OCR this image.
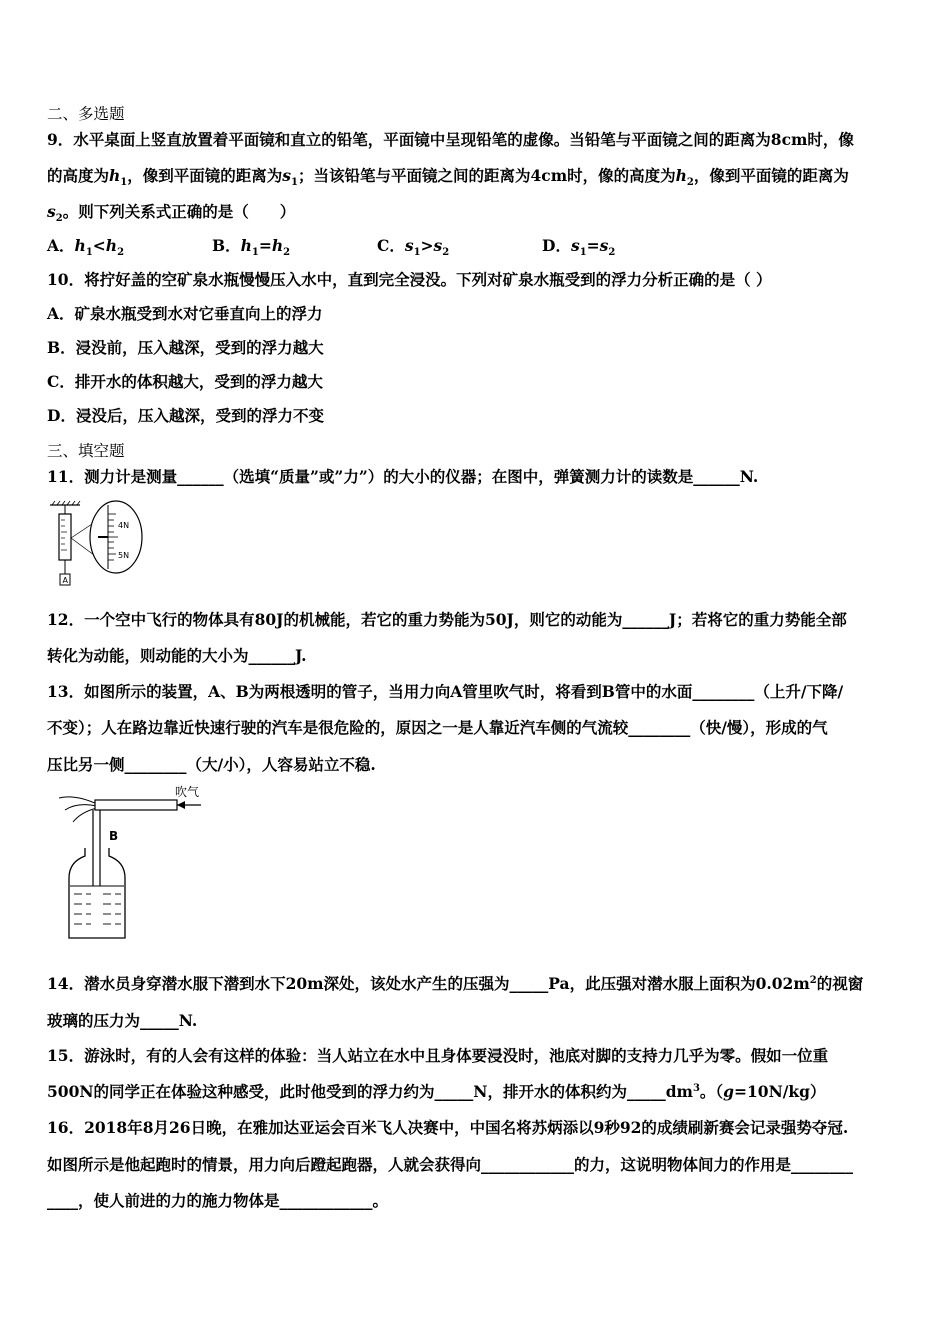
二、多选题
9．水平桌面上竖直放置着平面镜和直立的铅笔，平面镜中呈现铅笔的虚像。当铅笔与平面镜之间的距离为8cm时，像
的高度为$h_1$，像到平面镜的距离为$s_1$；当该铅笔与平面镜之间的距离为4cm时，像的高度为$h_2$，像到平面镜的距离为
$s_2$。则下列关系式正确的是（　　）
A．$h_1<h_2$	B．$h_1=h_2$	C．$s_1>s_2$	D．$s_1=s_2$
10．将拧好盖的空矿泉水瓶慢慢压入水中，直到完全浸没。下列对矿泉水瓶受到的浮力分析正确的是（ ）
A．矿泉水瓶受到水对它垂直向上的浮力
B．浸没前，压入越深，受到的浮力越大
C．排开水的体积越大，受到的浮力越大
D．浸没后，压入越深，受到的浮力不变
三、填空题
11．测力计是测量______（选填“质量”或”力”）的大小的仪器；在图中，弹簧测力计的读数是______N.
A
4N
5N
12．一个空中飞行的物体具有80J的机械能，若它的重力势能为50J，则它的动能为______J；若将它的重力势能全部
转化为动能，则动能的大小为______J.
13．如图所示的装置，A、B为两根透明的管子，当用力向A管里吹气时，将看到B管中的水面________（上升/下降/
不变）；人在路边靠近快速行驶的汽车是很危险的，原因之一是人靠近汽车侧的气流较________（快/慢），形成的气
压比另一侧________（大/小），人容易站立不稳.
吹气
B
14．潜水员身穿潜水服下潜到水下20m深处，该处水产生的压强为_____Pa，此压强对潜水服上面积为$0.02m^2$的视窗
玻璃的压力为_____N.
15．游泳时，有的人会有这样的体验：当人站立在水中且身体要浸没时，池底对脚的支持力几乎为零。假如一位重
500N的同学正在体验这种感受，此时他受到的浮力约为_____N，排开水的体积约为$\_\_\_\_\_dm^3$。（g=10N/kg）
16．2018年8月26日晚，在雅加达亚运会百米飞人决赛中，中国名将苏炳添以9秒92的成绩刷新赛会记录强势夺冠.
如图所示是他起跑时的情景，用力向后蹬起跑器，人就会获得向____________的力，这说明物体间力的作用是________
____，使人前进的力的施力物体是____________。
